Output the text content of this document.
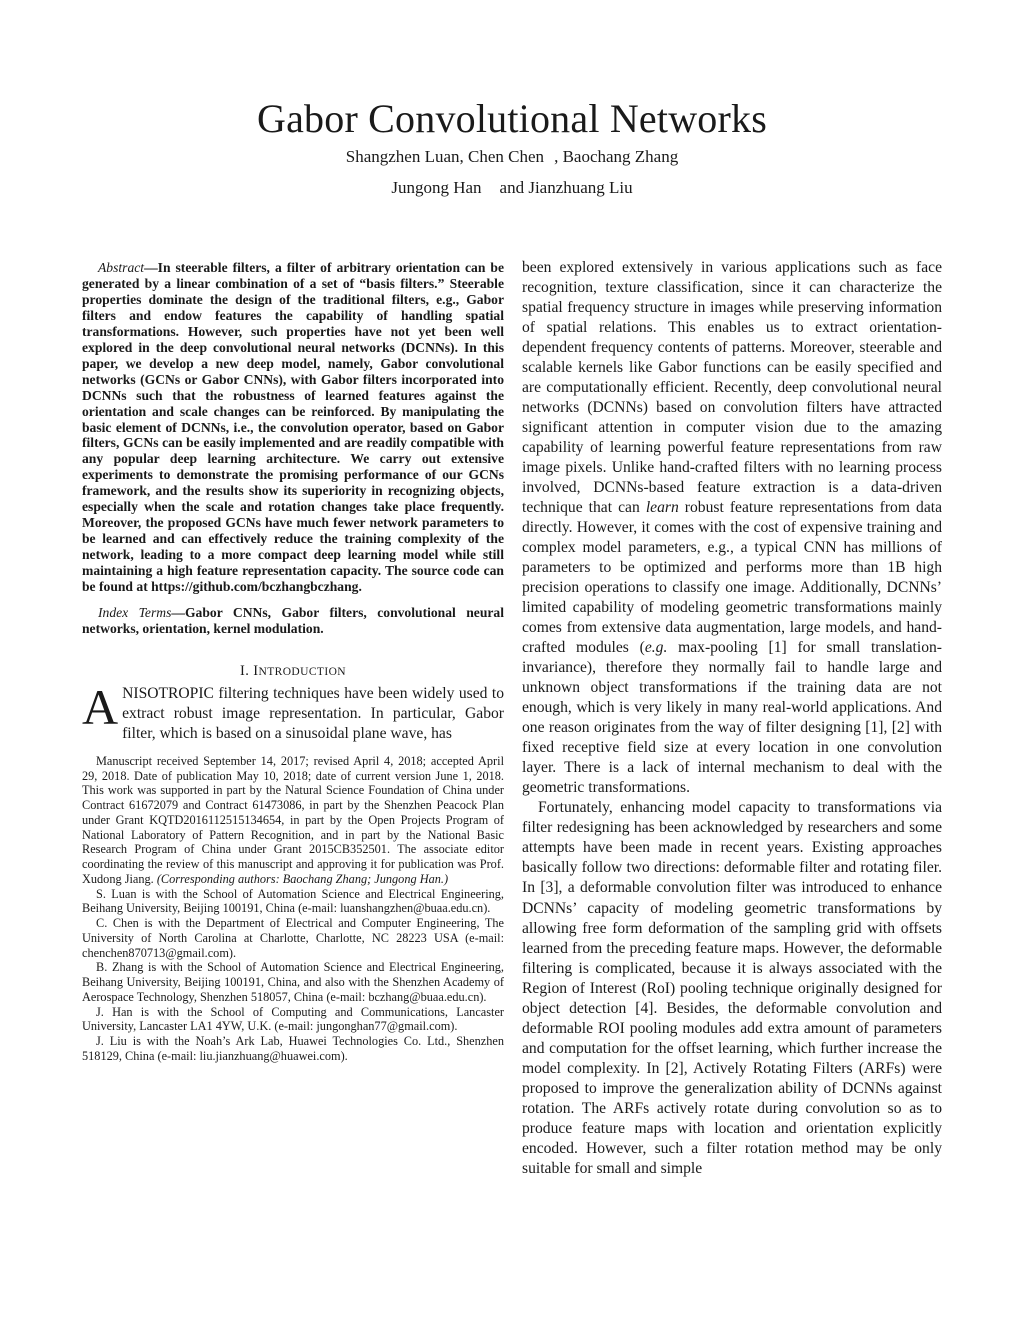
Gabor Convolutional Networks

Shangzhen Luan, Chen Chen , Baochang Zhang

Jungong Han and Jianzhuang Liu

Abstract—In steerable filters, a filter of arbitrary orientation can be generated by a linear combination of a set of “basis filters.” Steerable properties dominate the design of the traditional filters, e.g., Gabor filters and endow features the capability of handling spatial transformations. However, such properties have not yet been well explored in the deep convolutional neural networks (DCNNs). In this paper, we develop a new deep model, namely, Gabor convolutional networks (GCNs or Gabor CNNs), with Gabor filters incorporated into DCNNs such that the robustness of learned features against the orientation and scale changes can be reinforced. By manipulating the basic element of DCNNs, i.e., the convolution operator, based on Gabor filters, GCNs can be easily implemented and are readily compatible with any popular deep learning architecture. We carry out extensive experiments to demonstrate the promising performance of our GCNs framework, and the results show its superiority in recognizing objects, especially when the scale and rotation changes take place frequently. Moreover, the proposed GCNs have much fewer network parameters to be learned and can effectively reduce the training complexity of the network, leading to a more compact deep learning model while still maintaining a high feature representation capacity. The source code can be found at https://github.com/bczhangbczhang.

Index Terms—Gabor CNNs, Gabor filters, convolutional neural networks, orientation, kernel modulation.

I. INTRODUCTION

ANISOTROPIC filtering techniques have been widely used to extract robust image representation. In particular, Gabor filter, which is based on a sinusoidal plane wave, has

Manuscript received September 14, 2017; revised April 4, 2018; accepted April 29, 2018. Date of publication May 10, 2018; date of current version June 1, 2018. This work was supported in part by the Natural Science Foundation of China under Contract 61672079 and Contract 61473086, in part by the Shenzhen Peacock Plan under Grant KQTD2016112515134654, in part by the Open Projects Program of National Laboratory of Pattern Recognition, and in part by the National Basic Research Program of China under Grant 2015CB352501. The associate editor coordinating the review of this manuscript and approving it for publication was Prof. Xudong Jiang. (Corresponding authors: Baochang Zhang; Jungong Han.)

S. Luan is with the School of Automation Science and Electrical Engineering, Beihang University, Beijing 100191, China (e-mail: luanshangzhen@buaa.edu.cn).

C. Chen is with the Department of Electrical and Computer Engineering, The University of North Carolina at Charlotte, Charlotte, NC 28223 USA (e-mail: chenchen870713@gmail.com).

B. Zhang is with the School of Automation Science and Electrical Engineering, Beihang University, Beijing 100191, China, and also with the Shenzhen Academy of Aerospace Technology, Shenzhen 518057, China (e-mail: bczhang@buaa.edu.cn).

J. Han is with the School of Computing and Communications, Lancaster University, Lancaster LA1 4YW, U.K. (e-mail: jungonghan77@gmail.com).

J. Liu is with the Noah’s Ark Lab, Huawei Technologies Co. Ltd., Shenzhen 518129, China (e-mail: liu.jianzhuang@huawei.com).

been explored extensively in various applications such as face recognition, texture classification, since it can characterize the spatial frequency structure in images while preserving information of spatial relations. This enables us to extract orientation-dependent frequency contents of patterns. Moreover, steerable and scalable kernels like Gabor functions can be easily specified and are computationally efficient. Recently, deep convolutional neural networks (DCNNs) based on convolution filters have attracted significant attention in computer vision due to the amazing capability of learning powerful feature representations from raw image pixels. Unlike hand-crafted filters with no learning process involved, DCNNs-based feature extraction is a data-driven technique that can learn robust feature representations from data directly. However, it comes with the cost of expensive training and complex model parameters, e.g., a typical CNN has millions of parameters to be optimized and performs more than 1B high precision operations to classify one image. Additionally, DCNNs’ limited capability of modeling geometric transformations mainly comes from extensive data augmentation, large models, and hand-crafted modules (e.g. max-pooling [1] for small translation-invariance), therefore they normally fail to handle large and unknown object transformations if the training data are not enough, which is very likely in many real-world applications. And one reason originates from the way of filter designing [1], [2] with fixed receptive field size at every location in one convolution layer. There is a lack of internal mechanism to deal with the geometric transformations.

Fortunately, enhancing model capacity to transformations via filter redesigning has been acknowledged by researchers and some attempts have been made in recent years. Existing approaches basically follow two directions: deformable filter and rotating filer. In [3], a deformable convolution filter was introduced to enhance DCNNs’ capacity of modeling geometric transformations by allowing free form deformation of the sampling grid with offsets learned from the preceding feature maps. However, the deformable filtering is complicated, because it is always associated with the Region of Interest (RoI) pooling technique originally designed for object detection [4]. Besides, the deformable convolution and deformable ROI pooling modules add extra amount of parameters and computation for the offset learning, which further increase the model complexity. In [2], Actively Rotating Filters (ARFs) were proposed to improve the generalization ability of DCNNs against rotation. The ARFs actively rotate during convolution so as to produce feature maps with location and orientation explicitly encoded. However, such a filter rotation method may be only suitable for small and simple
